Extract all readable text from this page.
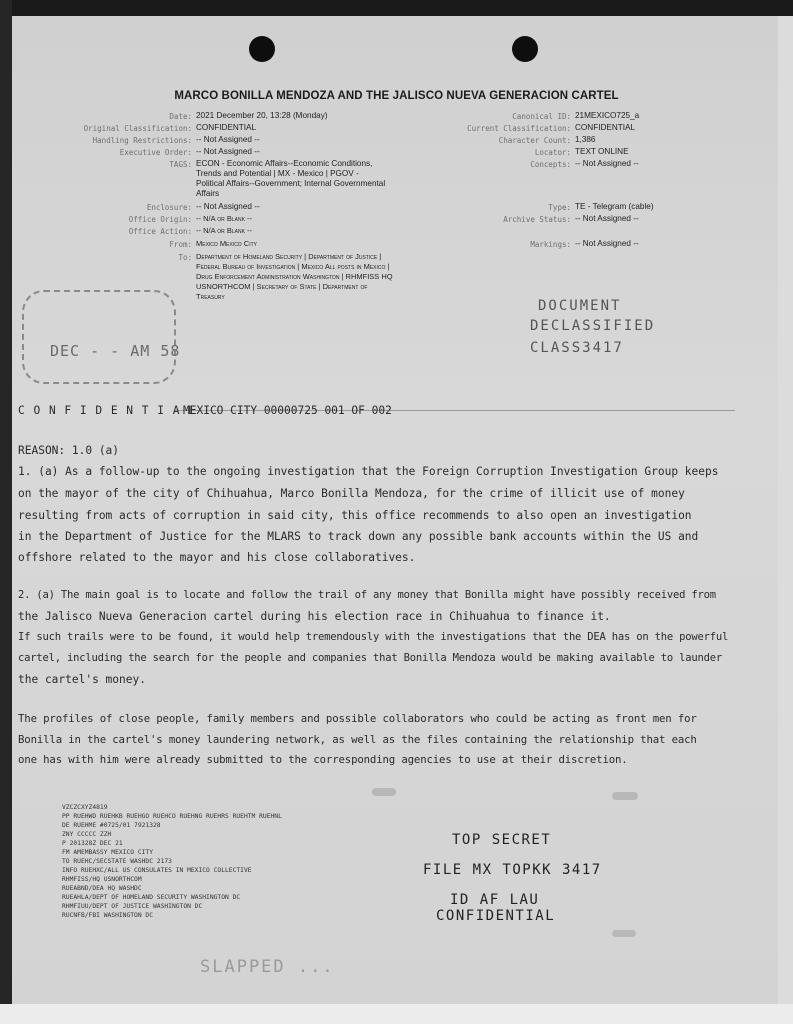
MARCO BONILLA MENDOZA AND THE JALISCO NUEVA GENERACION CARTEL
Date: 2021 December 20, 13:28 (Monday)
Original Classification: CONFIDENTIAL
Handling Restrictions: -- Not Assigned --
Executive Order: -- Not Assigned --
TAGS: ECON - Economic Affairs--Economic Conditions, Trends and Potential | MX - Mexico | PGOV - Political Affairs--Government; Internal Governmental Affairs
Enclosure: -- Not Assigned --
Office Origin: -- N/A or Blank --
Office Action: -- N/A or Blank --
From: Mexico Mexico City
To: Department of Homeland Security | Department of Justice | Federal Bureau of Investigation | Mexico All posts in Mexico | Drug Enforcement Administration Washington | RHMFISS HQ USNORTHCOM | Secretary of State | Department of Treasury
Canonical ID: 21MEXICO725_a
Current Classification: CONFIDENTIAL
Character Count: 1,386
Locator: TEXT ONLINE
Concepts: -- Not Assigned --
Type: TE - Telegram (cable)
Archive Status: -- Not Assigned --
Markings: -- Not Assigned --
DEC - - AM 58
DOCUMENT
DECLASSIFIED
CLASS3417
C O N F I D E N T I A L
MEXICO CITY 00000725 001 OF 002
REASON: 1.0 (a)
1. (a) As a follow-up to the ongoing investigation that the Foreign Corruption Investigation Group keeps
on the mayor of the city of Chihuahua, Marco Bonilla Mendoza, for the crime of illicit use of money
resulting from acts of corruption in said city, this office recommends to also open an investigation
in the Department of Justice for the MLARS to track down any possible bank accounts within the US and
offshore related to the mayor and his close collaboratives.
2. (a) The main goal is to locate and follow the trail of any money that Bonilla might have possibly received from
the Jalisco Nueva Generacion cartel during his election race in Chihuahua to finance it.
If such trails were to be found, it would help tremendously with the investigations that the DEA has on the powerful
cartel, including the search for the people and companies that Bonilla Mendoza would be making available to launder
the cartel's money.
The profiles of close people, family members and possible collaborators who could be acting as front men for
Bonilla in the cartel's money laundering network, as well as the files containing the relationship that each
one has with him were already submitted to the corresponding agencies to use at their discretion.
VZCZCXYZ4819
PP RUEHWD RUEHKB RUEHGO RUEHCO RUEHNG RUEHRS RUEHTM RUEHNL
DE RUEHME #0725/01 7921328
ZNY CCCCC ZZH
P 201328Z DEC 21
FM AMEMBASSY MEXICO CITY
TO RUEHC/SECSTATE WASHDC 2173
INFO RUEHXC/ALL US CONSULATES IN MEXICO COLLECTIVE
RHMFISS/HQ USNORTHCOM
RUEABND/DEA HQ WASHDC
RUEAHLA/DEPT OF HOMELAND SECURITY WASHINGTON DC
RHMFIUU/DEPT OF JUSTICE WASHINGTON DC
RUCNFB/FBI WASHINGTON DC
TOP SECRET
FILE MX TOPKK 3417
ID AF LAU
CONFIDENTIAL
SLAPPED ...
